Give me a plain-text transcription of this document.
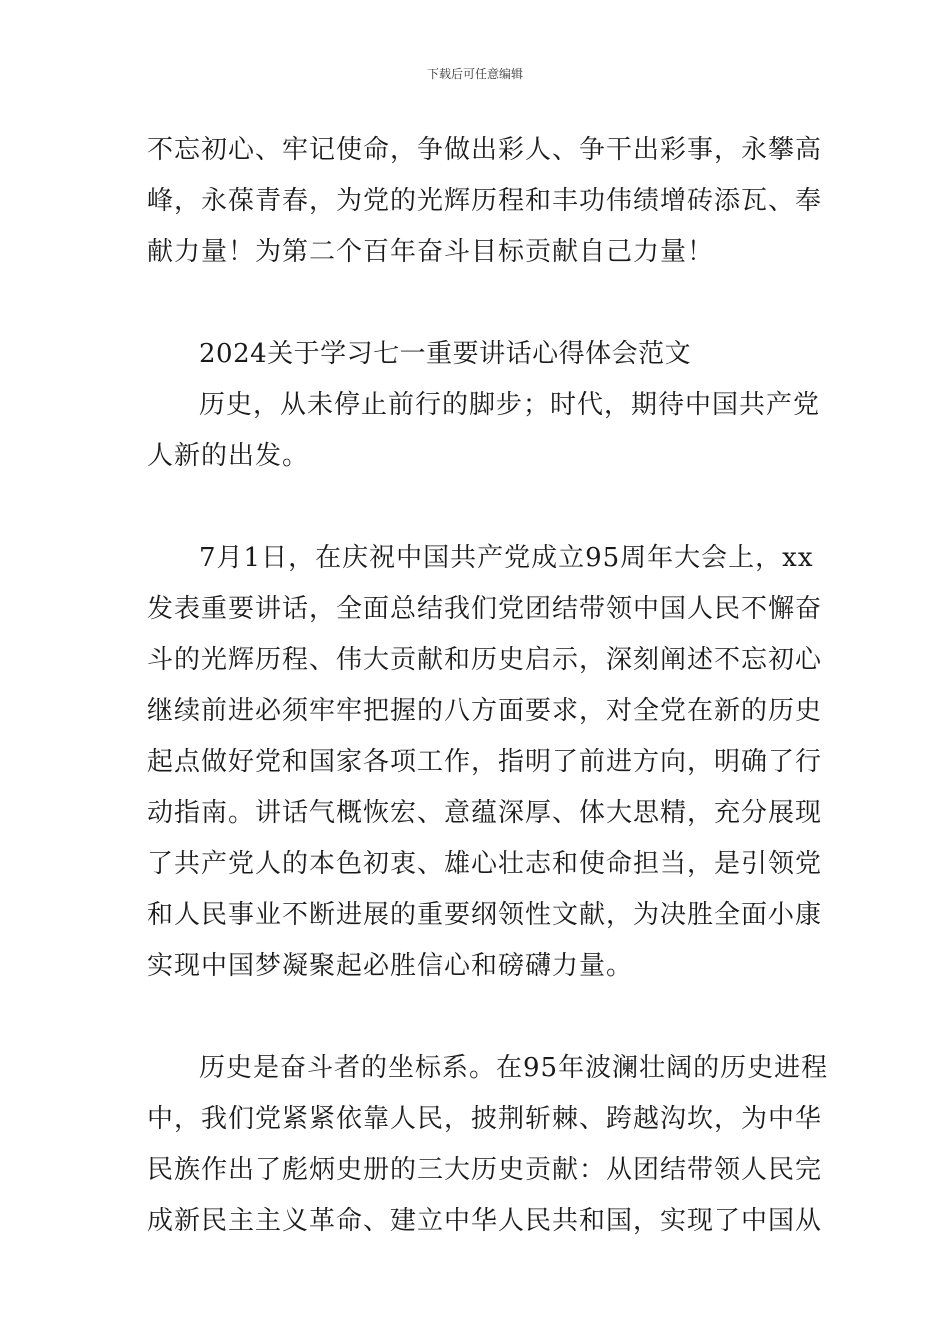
下载后可任意编辑

不忘初心、牢记使命，争做出彩人、争干出彩事，永攀高
峰，永葆青春，为党的光辉历程和丰功伟绩增砖添瓦、奉
献力量！为第二个百年奋斗目标贡献自己力量！

2024关于学习七一重要讲话心得体会范文

历史，从未停止前行的脚步；时代，期待中国共产党
人新的出发。

7月1日，在庆祝中国共产党成立95周年大会上，xx
发表重要讲话，全面总结我们党团结带领中国人民不懈奋
斗的光辉历程、伟大贡献和历史启示，深刻阐述不忘初心
继续前进必须牢牢把握的八方面要求，对全党在新的历史
起点做好党和国家各项工作，指明了前进方向，明确了行
动指南。讲话气概恢宏、意蕴深厚、体大思精，充分展现
了共产党人的本色初衷、雄心壮志和使命担当，是引领党
和人民事业不断进展的重要纲领性文献，为决胜全面小康
实现中国梦凝聚起必胜信心和磅礴力量。

历史是奋斗者的坐标系。在95年波澜壮阔的历史进程
中，我们党紧紧依靠人民，披荆斩棘、跨越沟坎，为中华
民族作出了彪炳史册的三大历史贡献：从团结带领人民完
成新民主主义革命、建立中华人民共和国，实现了中国从
